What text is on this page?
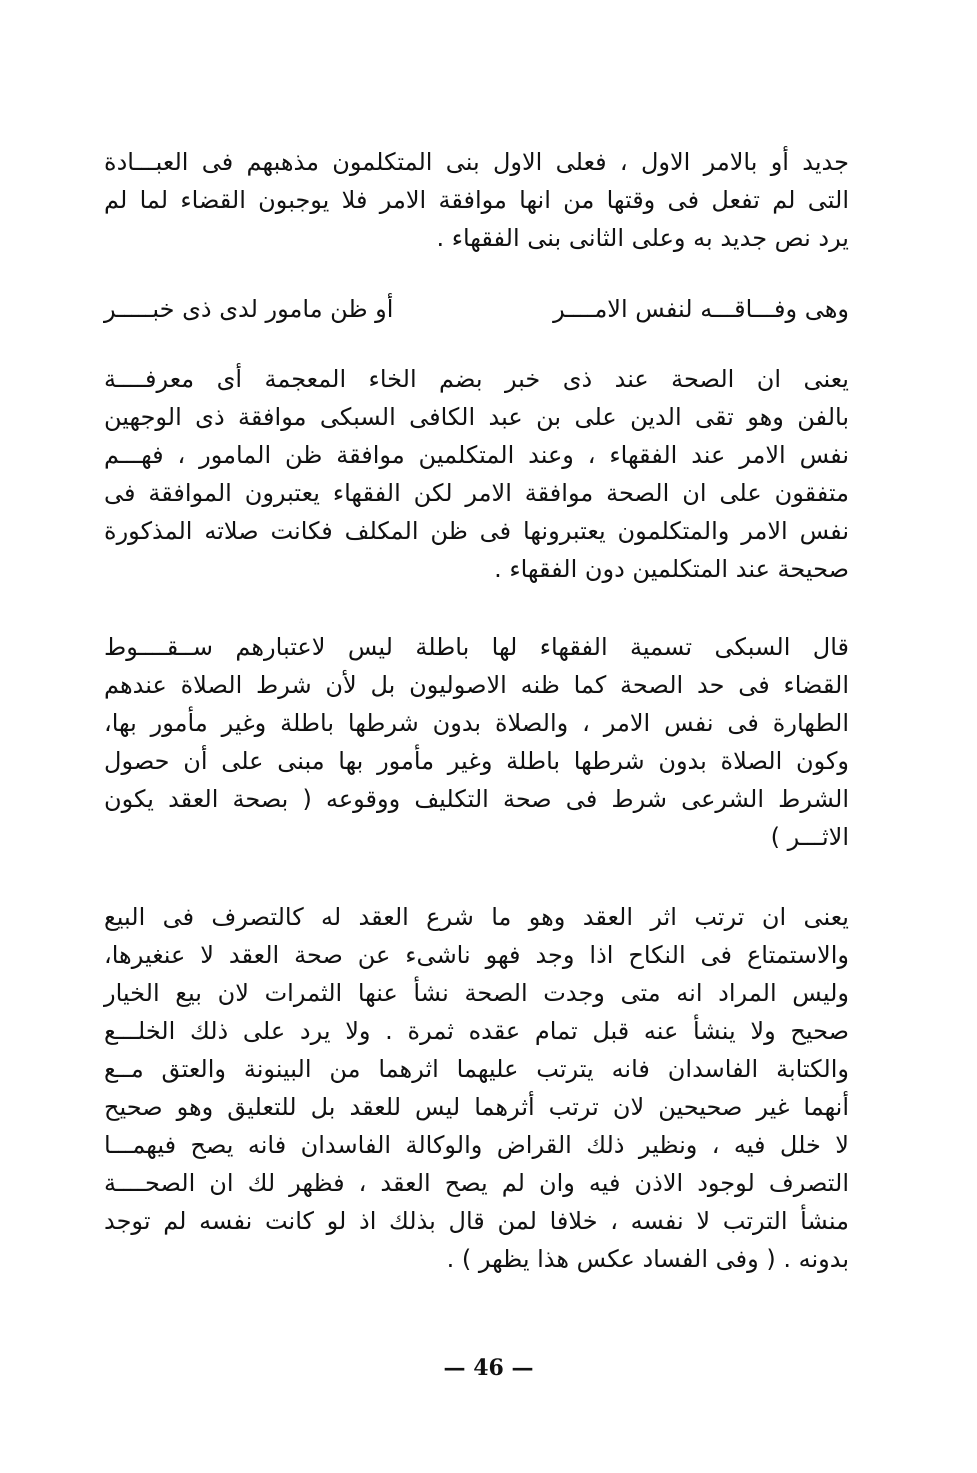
جديد أو بالامر الاول ، فعلى الاول بنى المتكلمون مذهبهم فى العبـــادة
التى لم تفعل فى وقتها من انها موافقة الامر فلا يوجبون القضاء لما لم
يرد نص جديد به وعلى الثانى بنى الفقهاء .
وهى وفـــاقـــه لنفس الامــــر
أو ظن مامور لدى ذى خبـــــر
يعنى ان الصحة عند ذى خبر بضم الخاء المعجمة أى معرفــــة
بالفن وهو تقى الدين على بن عبد الكافى السبكى موافقة ذى الوجهين
نفس الامر عند الفقهاء ، وعند المتكلمين موافقة ظن المامور ، فهـــم
متفقون على ان الصحة موافقة الامر لكن الفقهاء يعتبرون الموافقة فى
نفس الامر والمتكلمون يعتبرونها فى ظن المكلف فكانت صلاته المذكورة
صحيحة عند المتكلمين دون الفقهاء .
قال السبكى تسمية الفقهاء لها باطلة ليس لاعتبارهم ســقــــوط
القضاء فى حد الصحة كما ظنه الاصوليون بل لأن شرط الصلاة عندهم
الطهارة فى نفس الامر ، والصلاة بدون شرطها باطلة وغير مأمور بها،
وكون الصلاة بدون شرطها باطلة وغير مأمور بها مبنى على أن حصول
الشرط الشرعى شرط فى صحة التكليف ووقوعه ( بصحة العقد يكون
الاثـــر )
يعنى ان ترتب اثر العقد وهو ما شرع العقد له كالتصرف فى البيع
والاستمتاع فى النكاح اذا وجد فهو ناشىء عن صحة العقد لا عنغيرها،
وليس المراد انه متى وجدت الصحة نشأ عنها الثمرات لان بيع الخيار
صحيح ولا ينشأ عنه قبل تمام عقده ثمرة . ولا يرد على ذلك الخلـــع
والكتابة الفاسدان فانه يترتب عليهما اثرهما من البينونة والعتق مــع
أنهما غير صحيحين لان ترتب أثرهما ليس للعقد بل للتعليق وهو صحيح
لا خلل فيه ، ونظير ذلك القراض والوكالة الفاسدان فانه يصح فيهمـــا
التصرف لوجود الاذن فيه وان لم يصح العقد ، فظهر لك ان الصحــــة
منشأ الترتب لا نفسه ، خلافا لمن قال بذلك اذ لو كانت نفسه لم توجد
بدونه . ( وفى الفساد عكس هذا يظهر ) .
— 46 —
